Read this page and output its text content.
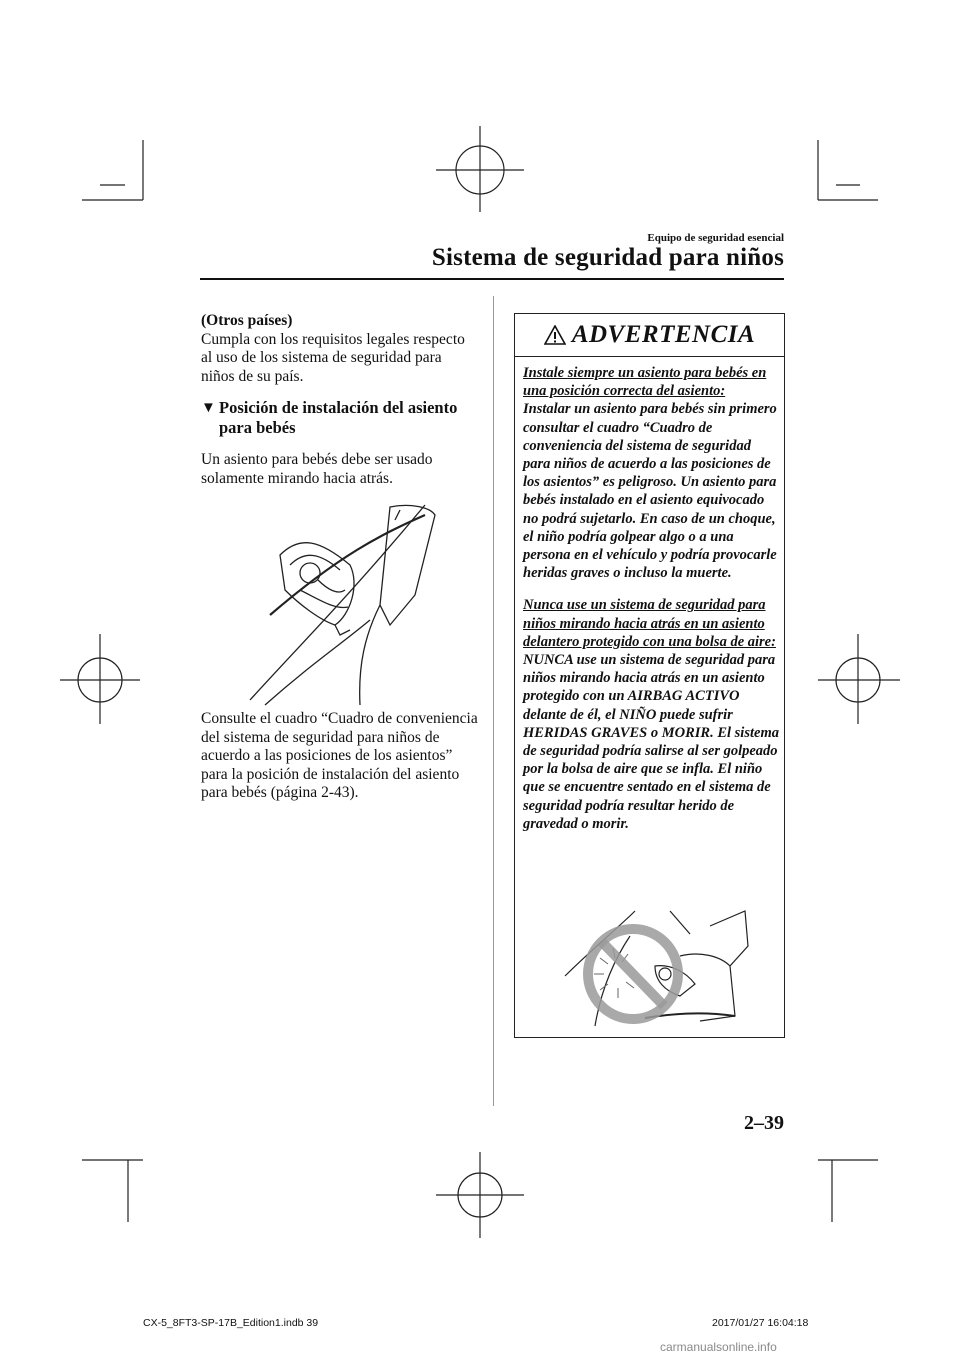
Equipo de seguridad esencial
Sistema de seguridad para niños

(Otros países)

Cumpla con los requisitos legales respecto al uso de los sistema de seguridad para niños de su país.

▼ Posición de instalación del asiento para bebés

Un asiento para bebés debe ser usado solamente mirando hacia atrás.

Consulte el cuadro “Cuadro de conveniencia del sistema de seguridad para niños de acuerdo a las posiciones de los asientos” para la posición de instalación del asiento para bebés (página 2-43).

ADVERTENCIA

Instale siempre un asiento para bebés en una posición correcta del asiento:

Instalar un asiento para bebés sin primero consultar el cuadro “Cuadro de conveniencia del sistema de seguridad para niños de acuerdo a las posiciones de los asientos” es peligroso. Un asiento para bebés instalado en el asiento equivocado no podrá sujetarlo. En caso de un choque, el niño podría golpear algo o a una persona en el vehículo y podría provocarle heridas graves o incluso la muerte.

Nunca use un sistema de seguridad para niños mirando hacia atrás en un asiento delantero protegido con una bolsa de aire:

NUNCA use un sistema de seguridad para niños mirando hacia atrás en un asiento protegido con un AIRBAG ACTIVO delante de él, el NIÑO puede sufrir HERIDAS GRAVES o MORIR. El sistema de seguridad podría salirse al ser golpeado por la bolsa de aire que se infla. El niño que se encuentre sentado en el sistema de seguridad podría resultar herido de gravedad o morir.

2–39
CX-5_8FT3-SP-17B_Edition1.indb 39	2017/01/27 16:04:18
carmanualsonline.info
